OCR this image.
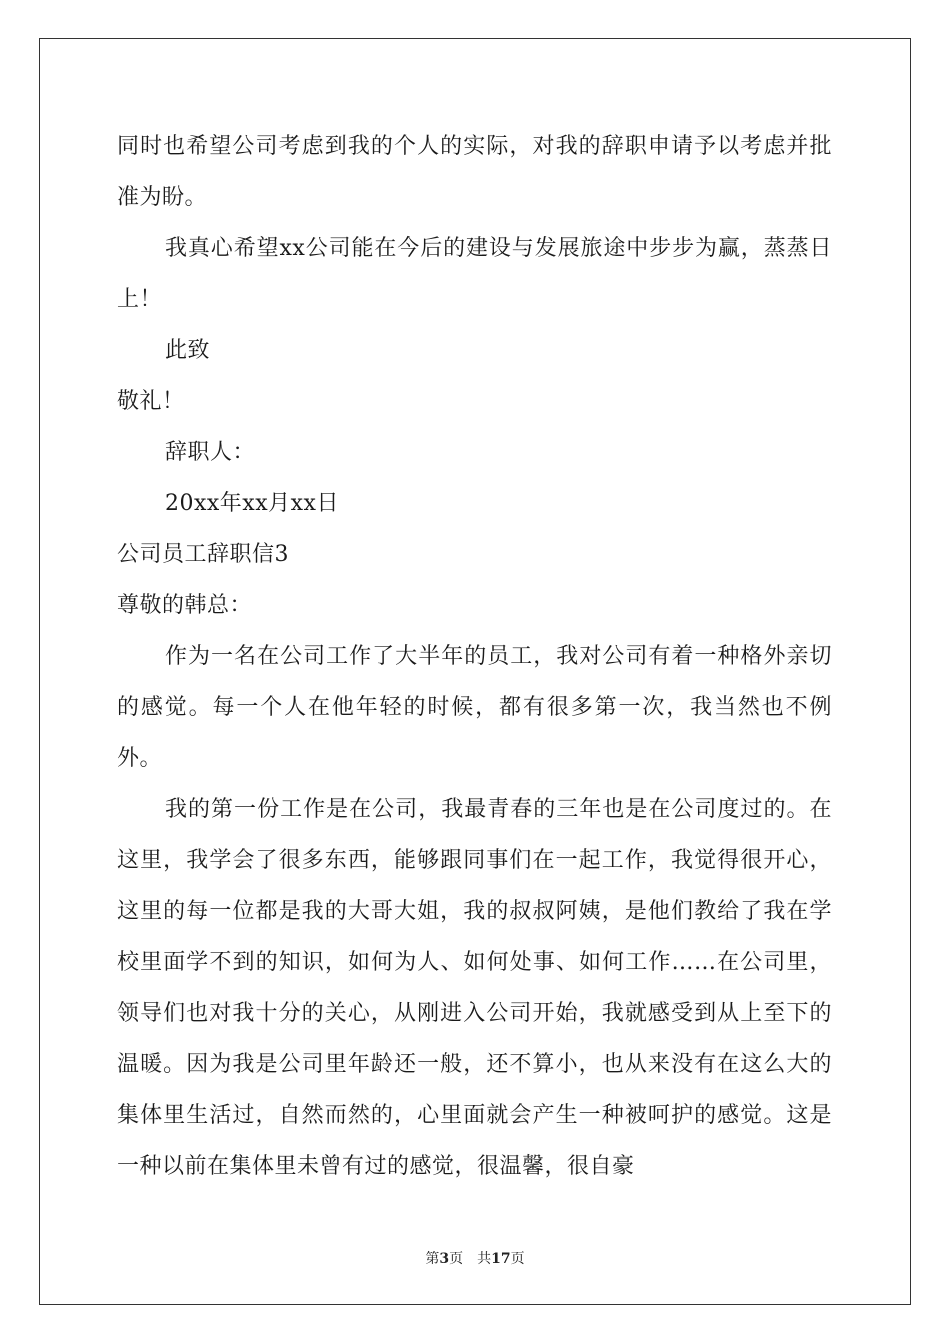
同时也希望公司考虑到我的个人的实际，对我的辞职申请予以考虑并批准为盼。

我真心希望xx公司能在今后的建设与发展旅途中步步为赢，蒸蒸日上！

此致

敬礼！

辞职人：

20xx年xx月xx日

公司员工辞职信3

尊敬的韩总：

作为一名在公司工作了大半年的员工，我对公司有着一种格外亲切的感觉。每一个人在他年轻的时候，都有很多第一次，我当然也不例外。

我的第一份工作是在公司，我最青春的三年也是在公司度过的。在这里，我学会了很多东西，能够跟同事们在一起工作，我觉得很开心，这里的每一位都是我的大哥大姐，我的叔叔阿姨，是他们教给了我在学校里面学不到的知识，如何为人、如何处事、如何工作……在公司里，领导们也对我十分的关心，从刚进入公司开始，我就感受到从上至下的温暖。因为我是公司里年龄还一般，还不算小，也从来没有在这么大的集体里生活过，自然而然的，心里面就会产生一种被呵护的感觉。这是一种以前在集体里未曾有过的感觉，很温馨，很自豪

第3页 共17页
